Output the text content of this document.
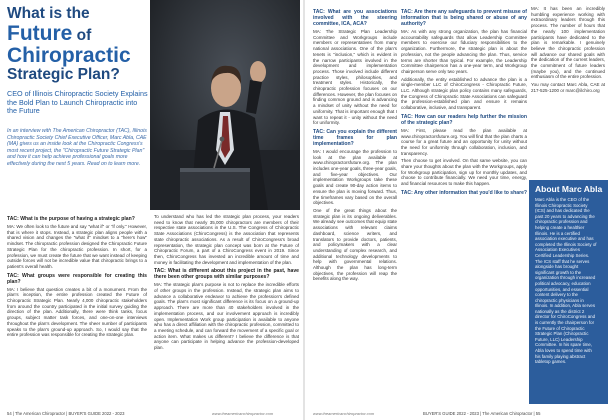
What is the
Future of
Chiropractic
Strategic Plan?

CEO of Illinois Chiropractic Society Explains the Bold Plan to Launch Chiropractic into the Future

In an interview with The American Chiropractor (TAC), Illinois Chiropractic Society Chief Executive Officer, Marc Abla, CAE (MA) gives us an inside look at the Chiropractic Congress's most recent project, the "Chiropractic Future Strategic Plan" and how it can help achieve professional goals more effectively during the next 5 years. Read on to learn more.

TAC: What is the purpose of having a strategic plan?

MA: We often look to the future and say "what if" or "if only." However, that is where it stops. Instead, a strategic plan aligns people with a shared vision and changes the "what if" mindset to a "here's how" mindset. The chiropractic profession designed the Chiropractic Future Strategic Plan for the chiropractic profession. In short, for a profession, we must create the future that we want instead of keeping outside forces will not be incredible value that chiropractic brings to a patient's overall health.

TAC: What groups were responsible for creating this plan?

MA: I believe that question creates a bit of a monument. From the plan's inception, the entire profession created the Future of Chiropractic Strategic Plan. Nearly 4,000 chiropractic stakeholders from around the country participated in the initial survey guiding the direction of the plan. Additionally, there were think tanks, focus groups, subject matter task forces, and one-on-one interviews throughout the plan's development. The sheer number of participants speaks to the plan's ground-up approach. So, I would say that the entire profession was responsible for creating the strategic plan.

To understand who has led the strategic plan process, your readers need to know that nearly 35,000 chiropractors are members of their respective state associations in the U.S. The Congress of Chiropractic State Associations (ChiroCongress) is the association that represents state chiropractic associations. As a result of ChiroCongress's broad representation, the strategic plan concept was born at the Future of Chiropractic Forum, a part of a ChiroCongress event in 2019. Since then, ChiroCongress has invested an incredible amount of time and money in facilitating the development and implementation of the plan.

TAC: What is different about this project in the past, have there been other groups with similar purposes?

MA: The strategic plan's purpose is not to replace the incredible efforts of other groups in the profession. Instead, the strategic plan aims to advance a collaborative endeavor to achieve the profession's defined goals. The plan's most significant difference is its focus on a ground-up approach. There are more than 40 stakeholders involved in the implementation process, and our involvement approach is incredibly open. Implementation Work group participation is available to anyone who has a direct affiliation with the chiropractic profession, committed to a meeting schedule, and can forward the movement of a specific goal or action item. What makes us different? I believe the difference is that anyone can participate in helping advance the profession-developed plan.

54 | The American Chiropractor | BUYER'S GUIDE 2022 - 2023	www.theamericanchiropractor.com
TAC: What are you associations involved with the steering committee, ICA, ACA?

MA: The Strategic Plan Leadership Committee and Workgroups include members or representatives from many national associations. One of the plan's tenets is "inclusion," which is evident in the narrow participants involved in the development and implementation process. Those involved include different practice styles, philosophies, and treatment styles. Historically, the chiropractic profession focuses on our differences. However, the plan focuses on finding common ground and is advancing a mindset of unity without the need for uniformity. That is important enough that I want to repeat it - unity without the need for uniformity.

TAC: Can you explain the different time frames for plan implementation?

MA: I would encourage the profession to look at the plan available at www.chiropractorsfuture.org. The plan includes one-year goals, three-year goals, and five-year objectives. Our implementation Workgroups take these goals and create 90-day action items to ensure the plan is moving forward. Thus, the timeframes vary based on the overall objectives.

One of the great things about the strategic plan is its ongoing deliverables. We already see outcomes that equip state associations with relevant claims dashboard, science writers, and translators to provide doctors, patients, and policymakers with a clear understanding of complex research, and additional technology developments to help with governmental relations. Although the plan has long-term objectives, the profession will reap the benefits along the way.

TAC: Are there any safeguards to prevent misuse of information that is being shared or abuse of any authority?

MA: As with any strong organization, the plan has financial accountability safeguards that allow Leadership Committee members to exercise our fiduciary responsibilities to the organization. Furthermore, the strategic plan is about the profession, not the people advancing the plan. Thus, service terms are shorter than typical. For example, the Leadership Committee chairperson has a one-year term, and Workgroup chairperson serve only two years.

Additionally, the entity established to advance the plan is a single-member LLC of ChiroCongress - Chiropractic Future, LLC. Although strategic plan policy contains many safeguards, the Congress of Chiropractic State Associations can safeguard the profession-established plan and ensure it remains collaborative, inclusive, and transparent.

TAC: How can our readers help further the mission of the strategic plan?

MA: First, please read the plan available at www.chiropractorsfuture.org. You will find that the plan charts a course for a great future and an opportunity for unity without the need for uniformity through collaboration, inclusion, and transparency.

Then choose to get involved. On that same website, you can share your thoughts about the plan with the Workgroups, apply for Workgroup participation, sign up for monthly updates, and choose to contribute financially. We need your time, energy, and financial resources to make this happen.

TAC: Any other information that you'd like to share?

MA: It has been an incredibly humbling experience working with extraordinary leaders through this process. The number of hours that the nearly 100 implementation participants have dedicated to the plan is remarkable. I genuinely believe the chiropractic profession will advance our shared goals with the dedication of the current leaders, the commitment of future leaders (maybe you), and the continued enthusiasm of the entire profession.

You may contact Marc Abla, CAE at 217-525-1200 or marc@ilchiro.org

About Marc Abla

Marc Abla is the CEO of the Illinois Chiropractic Society (ICS) and has dedicated the past 20 years to advancing the chiropractic profession and helping create a healthier Illinois. He is a certified association executive and has completed the Illinois Society of Association Executives Certified Leadership Series. The ICS staff that he serves alongside has brought significant growth to the organization through increased political advocacy, education opportunities, and essential content delivery to the chiropractic physicians in Illinois. In addition, Abla serves nationally as the district 2 director for ChiroCongress and is currently the chairperson for the Future of Chiropractic Strategic Plan (Chiropractic Future, LLC) Leadership Committee. In his spare time, Abla loves to spend time with his family playing abstract tabletop games.

www.theamericanchiropractor.com	BUYER'S GUIDE 2022 - 2023 | The American Chiropractor | 55
